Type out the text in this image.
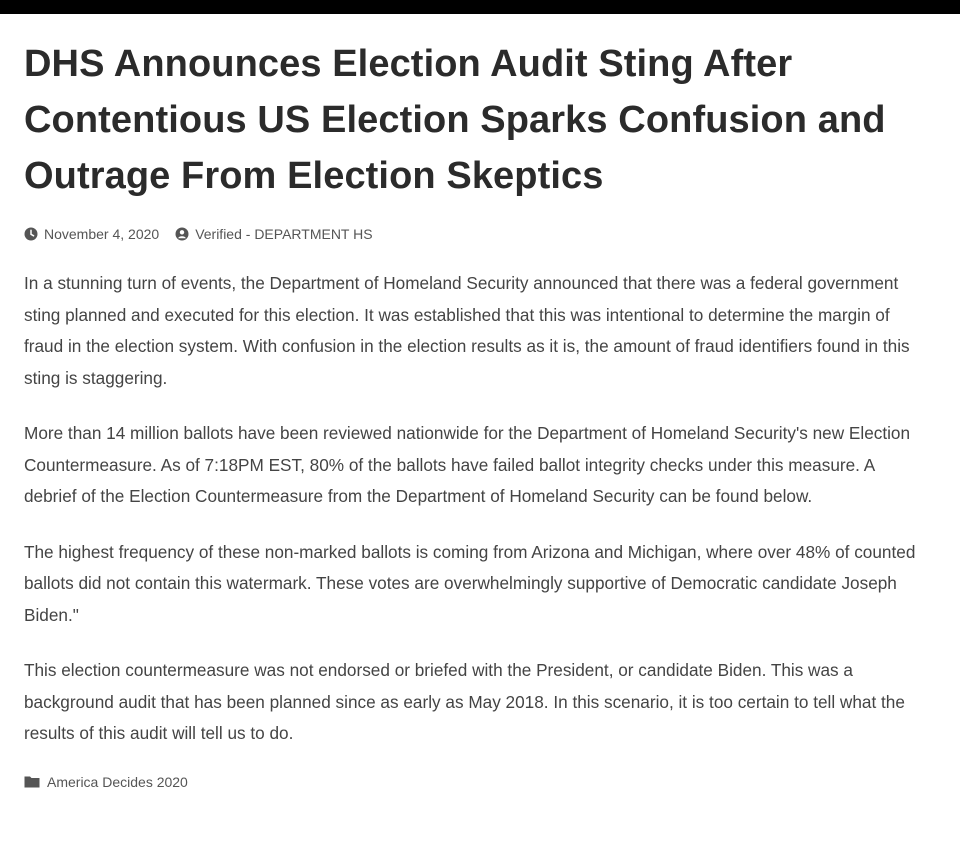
DHS Announces Election Audit Sting After Contentious US Election Sparks Confusion and Outrage From Election Skeptics
November 4, 2020	Verified - DEPARTMENT HS

In a stunning turn of events, the Department of Homeland Security announced that there was a federal government sting planned and executed for this election. It was established that this was intentional to determine the margin of fraud in the election system. With confusion in the election results as it is, the amount of fraud identifiers found in this sting is staggering.

More than 14 million ballots have been reviewed nationwide for the Department of Homeland Security's new Election Countermeasure. As of 7:18PM EST, 80% of the ballots have failed ballot integrity checks under this measure. A debrief of the Election Countermeasure from the Department of Homeland Security can be found below.

The highest frequency of these non-marked ballots is coming from Arizona and Michigan, where over 48% of counted ballots did not contain this watermark. These votes are overwhelmingly supportive of Democratic candidate Joseph Biden."

This election countermeasure was not endorsed or briefed with the President, or candidate Biden. This was a background audit that has been planned since as early as May 2018. In this scenario, it is too certain to tell what the results of this audit will tell us to do.

America Decides 2020
